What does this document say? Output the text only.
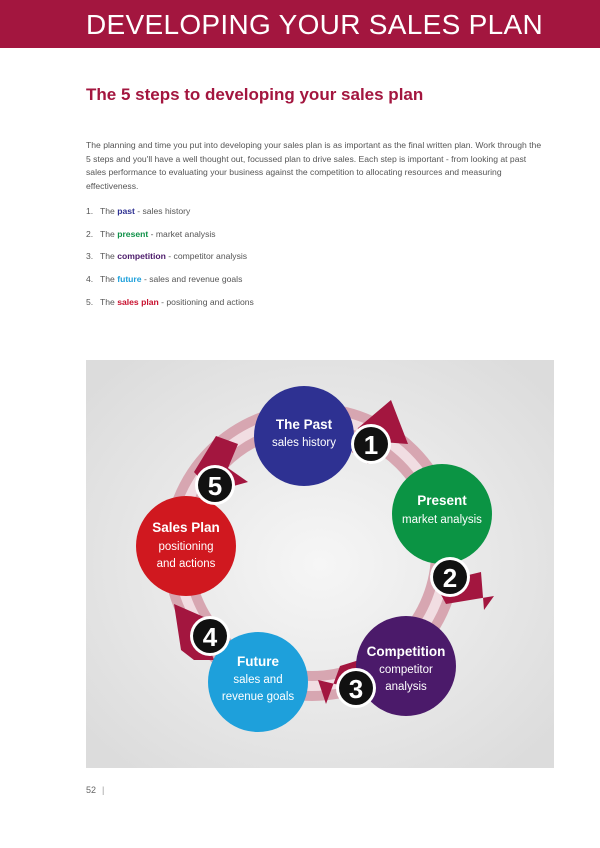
DEVELOPING YOUR SALES PLAN
The 5 steps to developing your sales plan

The planning and time you put into developing your sales plan is as important as the final written plan. Work through the 5 steps and you'll have a well thought out, focussed plan to drive sales. Each step is important - from looking at past sales performance to evaluating your business against the competition to allocating resources and measuring effectiveness.

1. The past - sales history
2. The present - market analysis
3. The competition - competitor analysis
4. The future - sales and revenue goals
5. The sales plan - positioning and actions
The Past
sales history
Present
market analysis
Competition
competitor
analysis
Future
sales and
revenue goals
Sales Plan
positioning
and actions
1
2
3
4
5
52 |
